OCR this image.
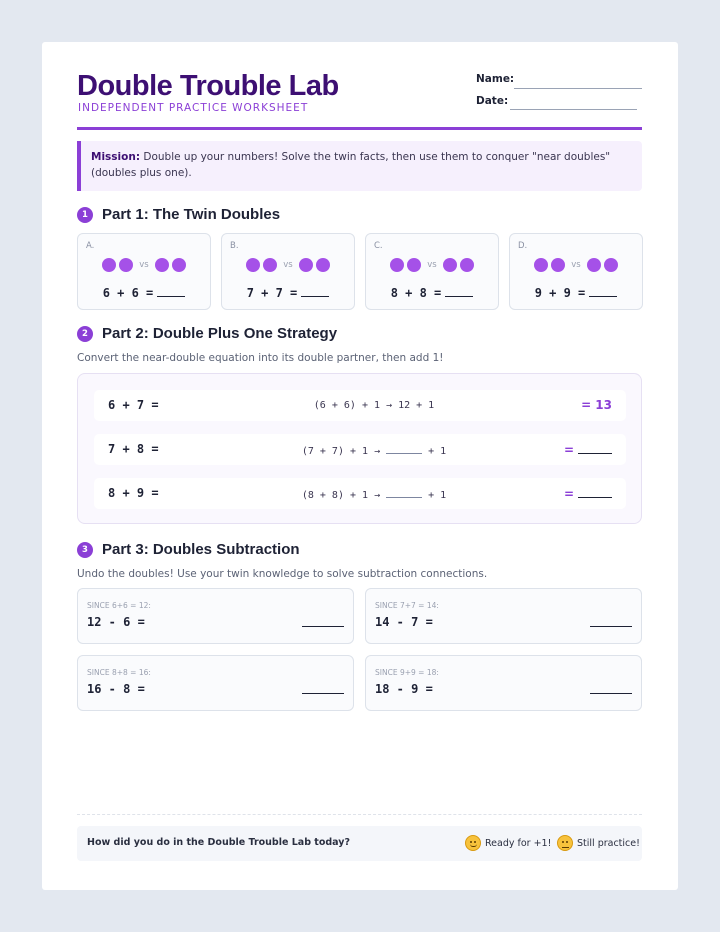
Double Trouble Lab
INDEPENDENT PRACTICE WORKSHEET
Name:
Date:
Mission: Double up your numbers! Solve the twin facts, then use them to conquer "near doubles" (doubles plus one).
1 Part 1: The Twin Doubles
A.
vs
6 + 6 =
B.
vs
7 + 7 =
C.
vs
8 + 8 =
D.
vs
9 + 9 =
2 Part 2: Double Plus One Strategy
Convert the near-double equation into its double partner, then add 1!
6 + 7 =	(6 + 6) + 1 → 12 + 1	= 13
7 + 8 =	(7 + 7) + 1 →	+ 1	=
8 + 9 =	(8 + 8) + 1 →	+ 1	=
3 Part 3: Doubles Subtraction
Undo the doubles! Use your twin knowledge to solve subtraction connections.
SINCE 6+6 = 12:
12 - 6 =
SINCE 7+7 = 14:
14 - 7 =
SINCE 8+8 = 16:
16 - 8 =
SINCE 9+9 = 18:
18 - 9 =
How did you do in the Double Trouble Lab today?	Ready for +1!	Still practice!
